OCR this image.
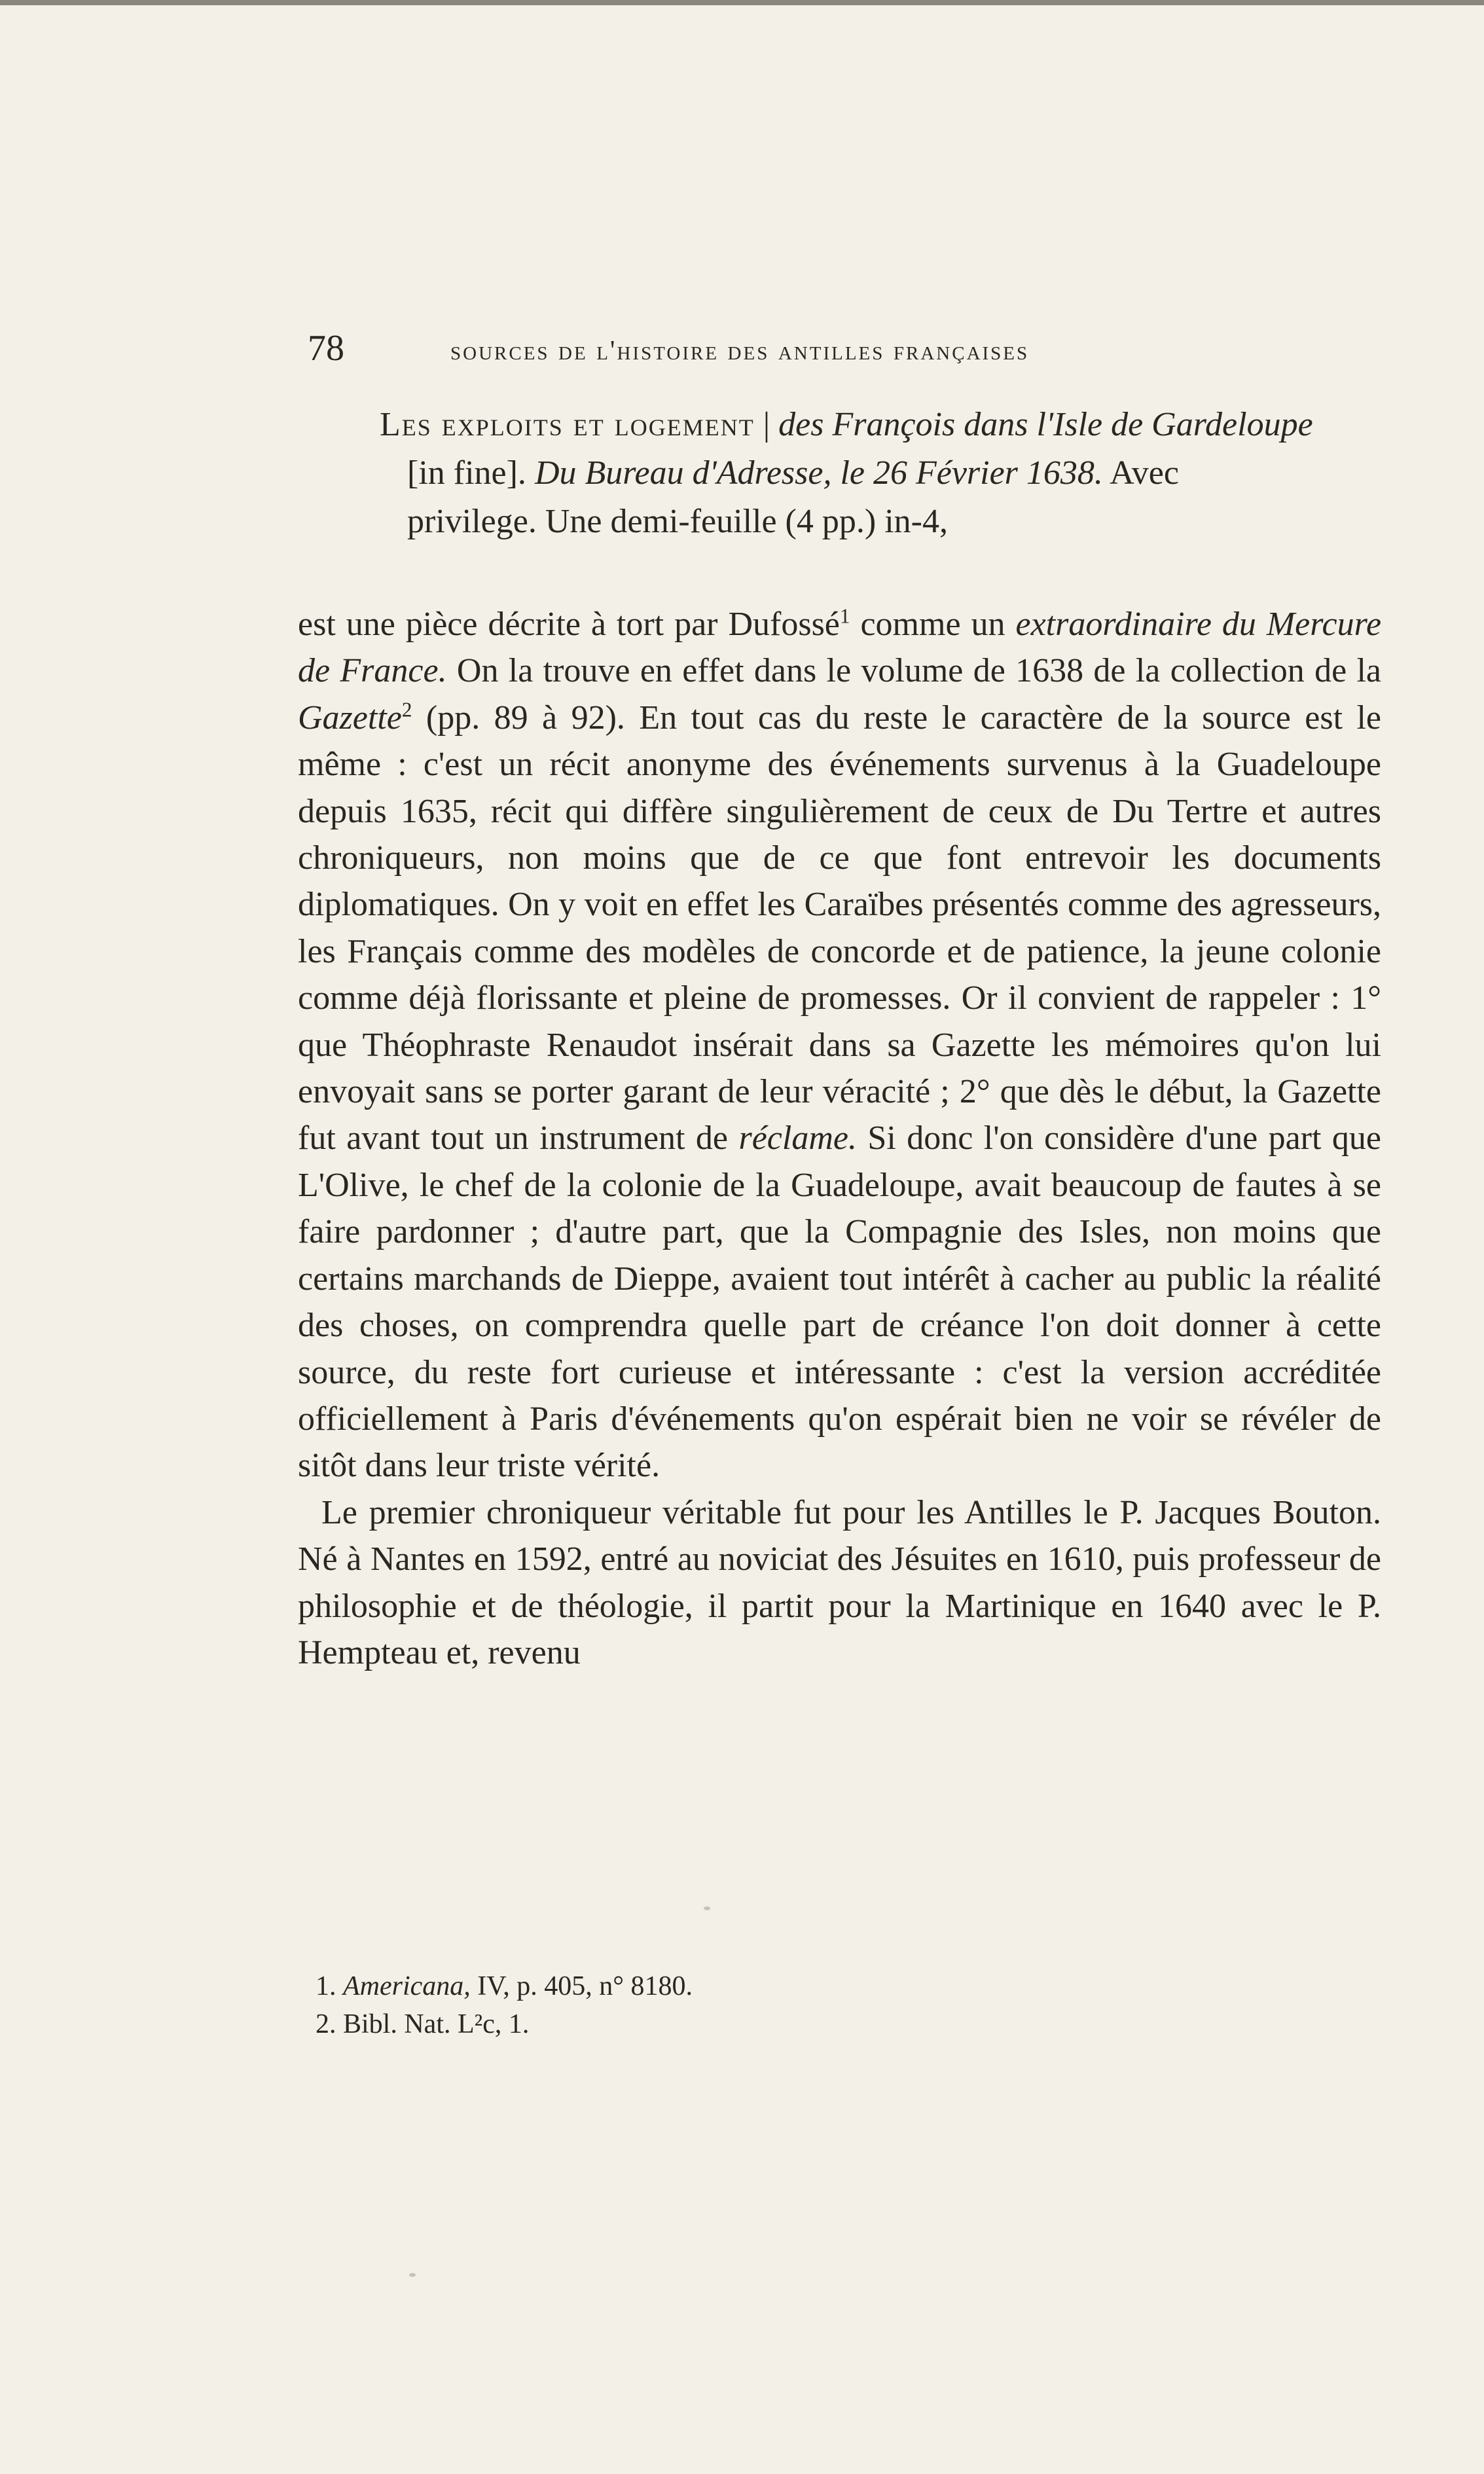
78	sources de l'histoire des antilles françaises
Les exploits et logement | des François dans l'Isle de Gardeloupe
[in fine]. Du Bureau d'Adresse, le 26 Février 1638. Avec
privilege. Une demi-feuille (4 pp.) in-4,

est une pièce décrite à tort par Dufossé$^1$ comme un extraordinaire du Mercure de France. On la trouve en effet dans le volume de 1638 de la collection de la Gazette$^2$ (pp. 89 à 92). En tout cas du reste le caractère de la source est le même : c'est un récit anonyme des événements survenus à la Guadeloupe depuis 1635, récit qui diffère singulièrement de ceux de Du Tertre et autres chroniqueurs, non moins que de ce que font entrevoir les documents diplomatiques. On y voit en effet les Caraïbes présentés comme des agresseurs, les Français comme des modèles de concorde et de patience, la jeune colonie comme déjà florissante et pleine de promesses. Or il convient de rappeler : 1° que Théophraste Renaudot insérait dans sa Gazette les mémoires qu'on lui envoyait sans se porter garant de leur véracité ; 2° que dès le début, la Gazette fut avant tout un instrument de réclame. Si donc l'on considère d'une part que L'Olive, le chef de la colonie de la Guadeloupe, avait beaucoup de fautes à se faire pardonner ; d'autre part, que la Compagnie des Isles, non moins que certains marchands de Dieppe, avaient tout intérêt à cacher au public la réalité des choses, on comprendra quelle part de créance l'on doit donner à cette source, du reste fort curieuse et intéressante : c'est la version accréditée officiellement à Paris d'événements qu'on espérait bien ne voir se révéler de sitôt dans leur triste vérité.

Le premier chroniqueur véritable fut pour les Antilles le P. Jacques Bouton. Né à Nantes en 1592, entré au noviciat des Jésuites en 1610, puis professeur de philosophie et de théologie, il partit pour la Martinique en 1640 avec le P. Hempteau et, revenu

1. Americana, IV, p. 405, n° 8180.
2. Bibl. Nat. L²c, 1.
